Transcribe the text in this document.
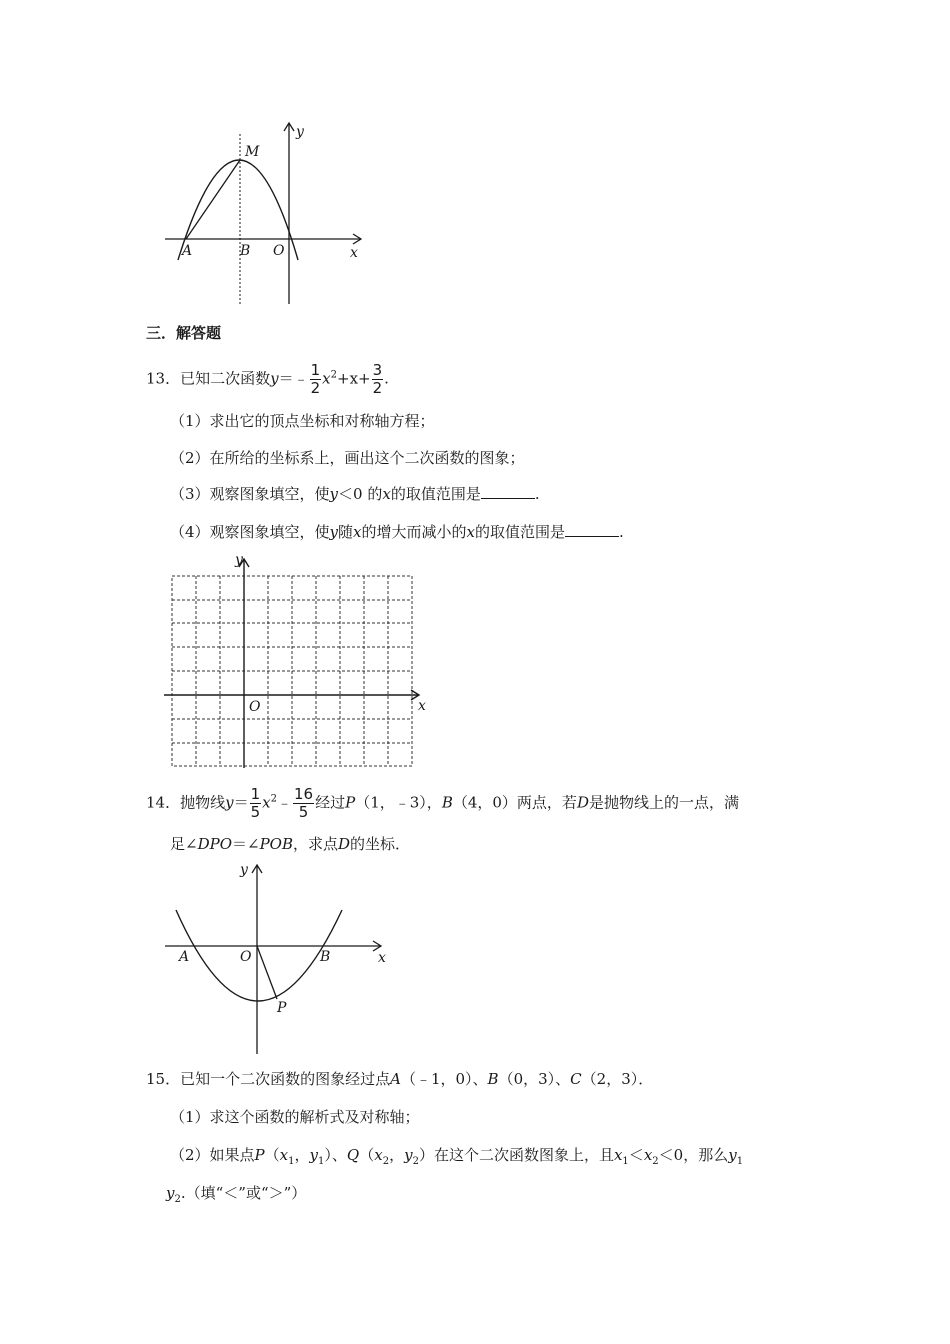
y
M
A	B O	x
三．解答题
13．已知二次函数y＝﹣ $\frac{1}{2} x^2+x+ \frac{3}{2}$ .
（1）求出它的顶点坐标和对称轴方程；
（2）在所给的坐标系上，画出这个二次函数的图象；
（3）观察图象填空，使y＜0 的x的取值范围是	.
（4）观察图象填空，使y随x的增大而减小的x的取值范围是	.
y
O	x
14．抛物线$y= \frac{1}{5}$ $x^2﹣ \frac{16}{5}$ 经过P（1，﹣3），B（4，0）两点，若D是抛物线上的一点，满
足∠DPO＝∠POB，求点D的坐标．
y
A	O	B
P
x
15．已知一个二次函数的图象经过点A（﹣1，0）、B（0，3）、C（2，3）．
（1）求这个函数的解析式及对称轴；
（2）如果点$P(x_1$，$y_1$）、$Q(x_2$，$y_2$）在这个二次函数图象上，且$x_1<x_2<0$，那么$y_1$
$y_2$.（填“＜”或“＞”）
